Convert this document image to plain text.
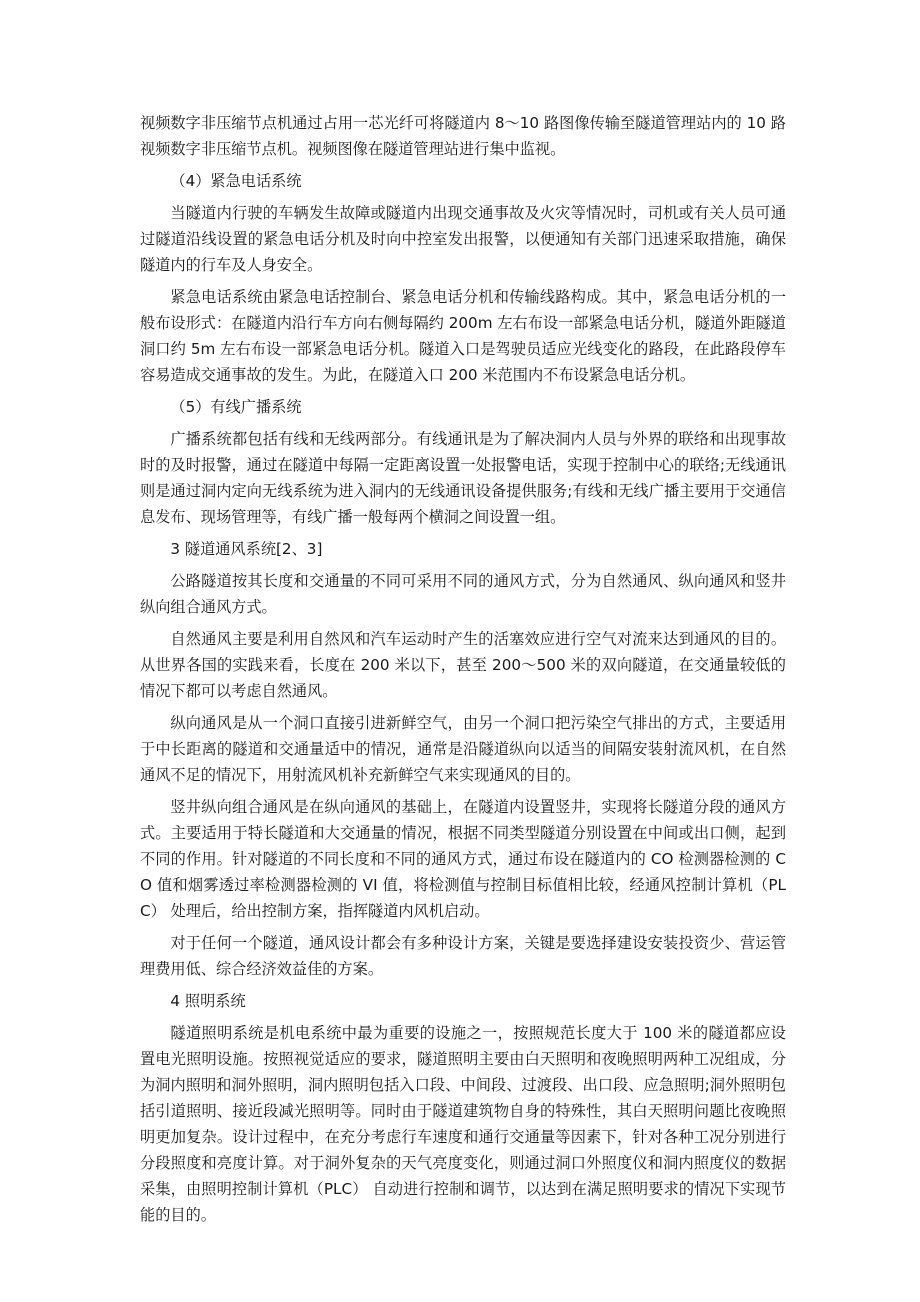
视频数字非压缩节点机通过占用一芯光纤可将隧道内 8～10 路图像传输至隧道管理站内的 10 路视频数字非压缩节点机。视频图像在隧道管理站进行集中监视。

（4）紧急电话系统

当隧道内行驶的车辆发生故障或隧道内出现交通事故及火灾等情况时，司机或有关人员可通过隧道沿线设置的紧急电话分机及时向中控室发出报警，以便通知有关部门迅速采取措施，确保隧道内的行车及人身安全。

紧急电话系统由紧急电话控制台、紧急电话分机和传输线路构成。其中，紧急电话分机的一般布设形式：在隧道内沿行车方向右侧每隔约 200m 左右布设一部紧急电话分机，隧道外距隧道洞口约 5m 左右布设一部紧急电话分机。隧道入口是驾驶员适应光线变化的路段，在此路段停车容易造成交通事故的发生。为此，在隧道入口 200 米范围内不布设紧急电话分机。

（5）有线广播系统

广播系统都包括有线和无线两部分。有线通讯是为了解决洞内人员与外界的联络和出现事故时的及时报警，通过在隧道中每隔一定距离设置一处报警电话，实现于控制中心的联络;无线通讯则是通过洞内定向无线系统为进入洞内的无线通讯设备提供服务;有线和无线广播主要用于交通信息发布、现场管理等，有线广播一般每两个横洞之间设置一组。

3 隧道通风系统[2、3]

公路隧道按其长度和交通量的不同可采用不同的通风方式，分为自然通风、纵向通风和竖井纵向组合通风方式。

自然通风主要是利用自然风和汽车运动时产生的活塞效应进行空气对流来达到通风的目的。从世界各国的实践来看，长度在 200 米以下，甚至 200～500 米的双向隧道，在交通量较低的情况下都可以考虑自然通风。

纵向通风是从一个洞口直接引进新鲜空气，由另一个洞口把污染空气排出的方式，主要适用于中长距离的隧道和交通量适中的情况，通常是沿隧道纵向以适当的间隔安装射流风机，在自然通风不足的情况下，用射流风机补充新鲜空气来实现通风的目的。

竖井纵向组合通风是在纵向通风的基础上，在隧道内设置竖井，实现将长隧道分段的通风方式。主要适用于特长隧道和大交通量的情况，根据不同类型隧道分别设置在中间或出口侧，起到不同的作用。针对隧道的不同长度和不同的通风方式，通过布设在隧道内的 CO 检测器检测的 CO 值和烟雾透过率检测器检测的 VI 值，将检测值与控制目标值相比较，经通风控制计算机（PLC） 处理后，给出控制方案，指挥隧道内风机启动。

对于任何一个隧道，通风设计都会有多种设计方案，关键是要选择建设安装投资少、营运管理费用低、综合经济效益佳的方案。

4 照明系统

隧道照明系统是机电系统中最为重要的设施之一，按照规范长度大于 100 米的隧道都应设置电光照明设施。按照视觉适应的要求，隧道照明主要由白天照明和夜晚照明两种工况组成，分为洞内照明和洞外照明，洞内照明包括入口段、中间段、过渡段、出口段、应急照明;洞外照明包括引道照明、接近段减光照明等。同时由于隧道建筑物自身的特殊性，其白天照明问题比夜晚照明更加复杂。设计过程中，在充分考虑行车速度和通行交通量等因素下，针对各种工况分别进行分段照度和亮度计算。对于洞外复杂的天气亮度变化，则通过洞口外照度仪和洞内照度仪的数据采集，由照明控制计算机（PLC） 自动进行控制和调节，以达到在满足照明要求的情况下实现节能的目的。
